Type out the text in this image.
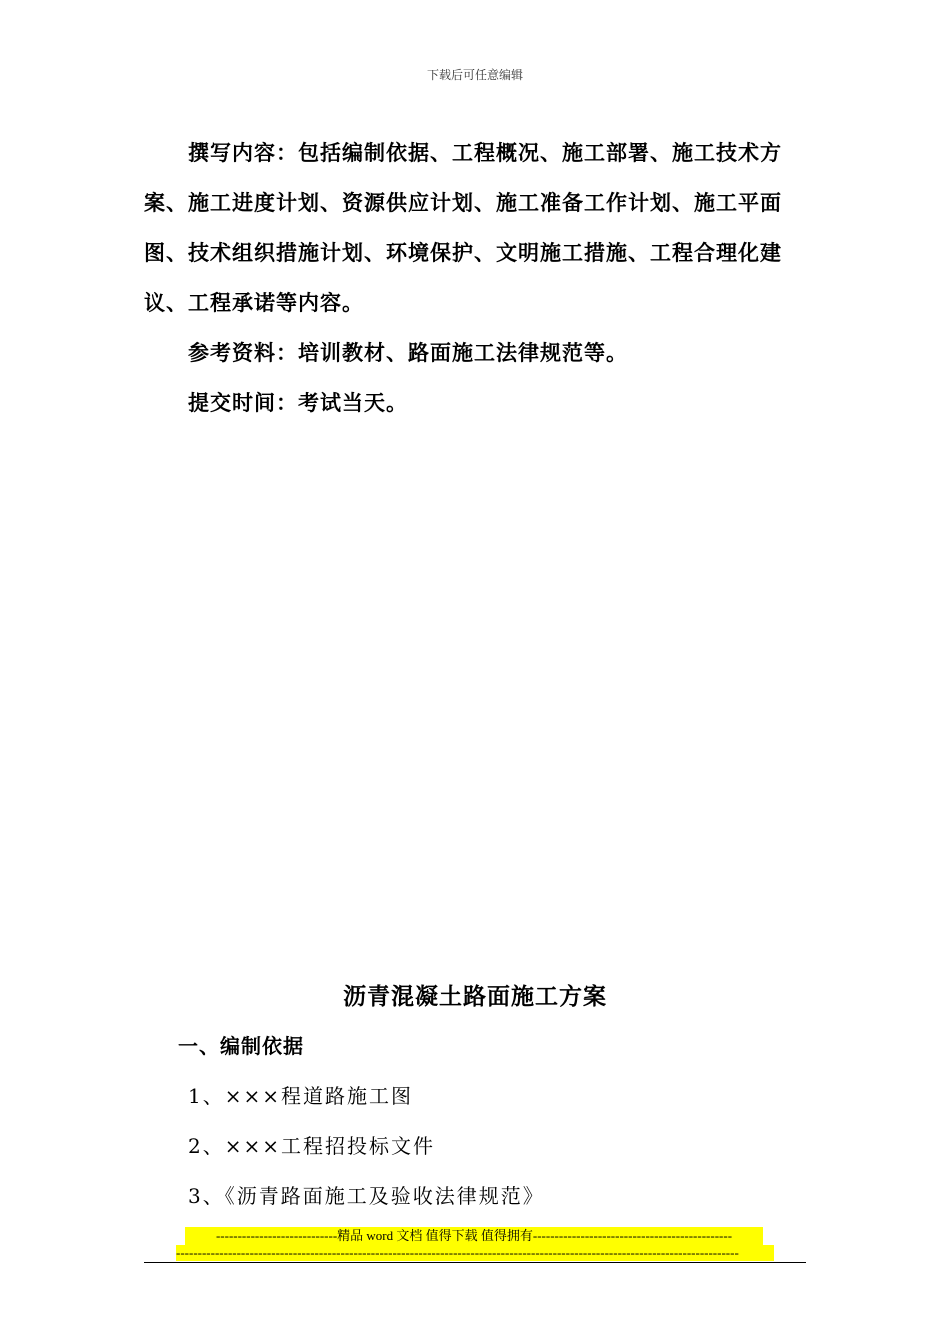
下载后可任意编辑

撰写内容：包括编制依据、工程概况、施工部署、施工技术方案、施工进度计划、资源供应计划、施工准备工作计划、施工平面图、技术组织措施计划、环境保护、文明施工措施、工程合理化建议、工程承诺等内容。

参考资料：培训教材、路面施工法律规范等。

提交时间：考试当天。

沥青混凝土路面施工方案
一、编制依据
1、×××程道路施工图
2、×××工程招投标文件
3、《沥青路面施工及验收法律规范》
----------------------------精品 word 文档 值得下载 值得拥有----------------------------------------------
----------------------------------------------------------------------------------------------------------------------------------
